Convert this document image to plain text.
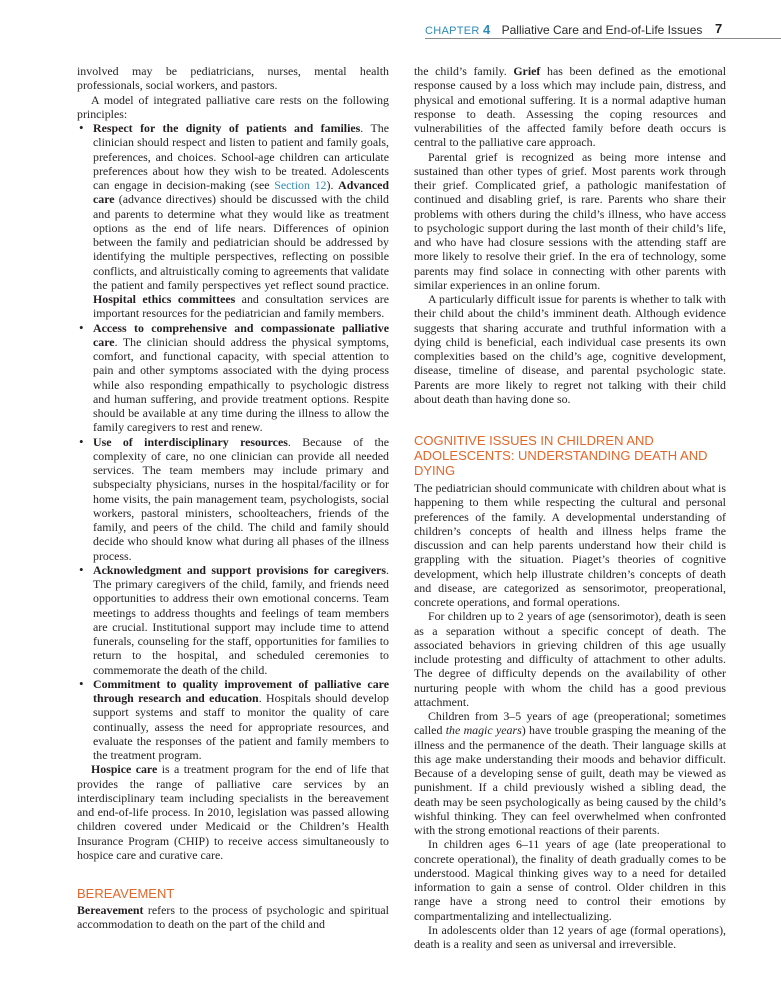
CHAPTER 4 Palliative Care and End-of-Life Issues 7

involved may be pediatricians, nurses, mental health professionals, social workers, and pastors.

A model of integrated palliative care rests on the following principles:

• Respect for the dignity of patients and families. The clinician should respect and listen to patient and family goals, preferences, and choices. School-age children can articulate preferences about how they wish to be treated. Adolescents can engage in decision-making (see Section 12). Advanced care (advance directives) should be discussed with the child and parents to determine what they would like as treatment options as the end of life nears. Differences of opinion between the family and pediatrician should be addressed by identifying the multiple perspectives, reflecting on possible conflicts, and altruistically coming to agreements that validate the patient and family perspectives yet reflect sound practice. Hospital ethics committees and consultation services are important resources for the pediatrician and family members.
• Access to comprehensive and compassionate palliative care. The clinician should address the physical symptoms, comfort, and functional capacity, with special attention to pain and other symptoms associated with the dying process while also responding empathically to psychologic distress and human suffering, and provide treatment options. Respite should be available at any time during the illness to allow the family caregivers to rest and renew.
• Use of interdisciplinary resources. Because of the complexity of care, no one clinician can provide all needed services. The team members may include primary and subspecialty physicians, nurses in the hospital/facility or for home visits, the pain management team, psychologists, social workers, pastoral ministers, schoolteachers, friends of the family, and peers of the child. The child and family should decide who should know what during all phases of the illness process.
• Acknowledgment and support provisions for caregivers. The primary caregivers of the child, family, and friends need opportunities to address their own emotional concerns. Team meetings to address thoughts and feelings of team members are crucial. Institutional support may include time to attend funerals, counseling for the staff, opportunities for families to return to the hospital, and scheduled ceremonies to commemorate the death of the child.
• Commitment to quality improvement of palliative care through research and education. Hospitals should develop support systems and staff to monitor the quality of care continually, assess the need for appropriate resources, and evaluate the responses of the patient and family members to the treatment program.

Hospice care is a treatment program for the end of life that provides the range of palliative care services by an interdisciplinary team including specialists in the bereavement and end-of-life process. In 2010, legislation was passed allowing children covered under Medicaid or the Children’s Health Insurance Program (CHIP) to receive access simultaneously to hospice care and curative care.

BEREAVEMENT

Bereavement refers to the process of psychologic and spiritual accommodation to death on the part of the child and

the child’s family. Grief has been defined as the emotional response caused by a loss which may include pain, distress, and physical and emotional suffering. It is a normal adaptive human response to death. Assessing the coping resources and vulnerabilities of the affected family before death occurs is central to the palliative care approach.

Parental grief is recognized as being more intense and sustained than other types of grief. Most parents work through their grief. Complicated grief, a pathologic manifestation of continued and disabling grief, is rare. Parents who share their problems with others during the child’s illness, who have access to psychologic support during the last month of their child’s life, and who have had closure sessions with the attending staff are more likely to resolve their grief. In the era of technology, some parents may find solace in connecting with other parents with similar experiences in an online forum.

A particularly difficult issue for parents is whether to talk with their child about the child’s imminent death. Although evidence suggests that sharing accurate and truthful information with a dying child is beneficial, each individual case presents its own complexities based on the child’s age, cognitive development, disease, timeline of disease, and parental psychologic state. Parents are more likely to regret not talking with their child about death than having done so.

COGNITIVE ISSUES IN CHILDREN AND ADOLESCENTS: UNDERSTANDING DEATH AND DYING

The pediatrician should communicate with children about what is happening to them while respecting the cultural and personal preferences of the family. A developmental understanding of children’s concepts of health and illness helps frame the discussion and can help parents understand how their child is grappling with the situation. Piaget’s theories of cognitive development, which help illustrate children’s concepts of death and disease, are categorized as sensorimotor, preoperational, concrete operations, and formal operations.

For children up to 2 years of age (sensorimotor), death is seen as a separation without a specific concept of death. The associated behaviors in grieving children of this age usually include protesting and difficulty of attachment to other adults. The degree of difficulty depends on the availability of other nurturing people with whom the child has a good previous attachment.

Children from 3–5 years of age (preoperational; sometimes called the magic years) have trouble grasping the meaning of the illness and the permanence of the death. Their language skills at this age make understanding their moods and behavior difficult. Because of a developing sense of guilt, death may be viewed as punishment. If a child previously wished a sibling dead, the death may be seen psychologically as being caused by the child’s wishful thinking. They can feel overwhelmed when confronted with the strong emotional reactions of their parents.

In children ages 6–11 years of age (late preoperational to concrete operational), the finality of death gradually comes to be understood. Magical thinking gives way to a need for detailed information to gain a sense of control. Older children in this range have a strong need to control their emotions by compartmentalizing and intellectualizing.

In adolescents older than 12 years of age (formal operations), death is a reality and seen as universal and irreversible.
